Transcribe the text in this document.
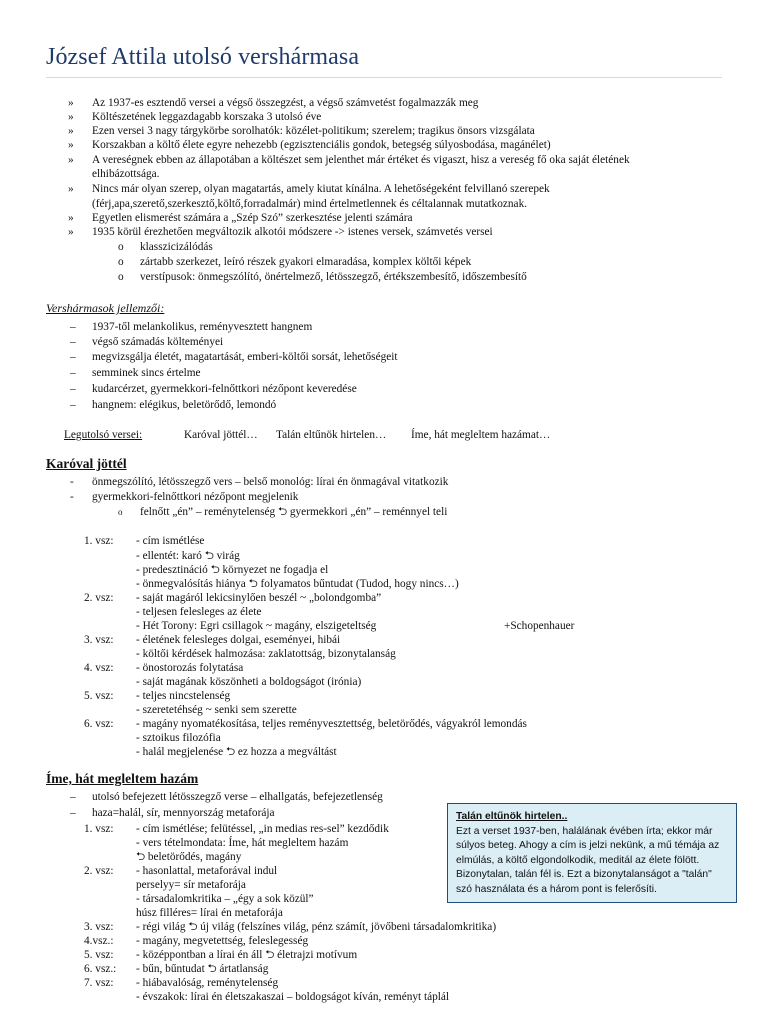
József Attila utolsó vershármasa
» Az 1937-es esztendő versei a végső összegzést, a végső számvetést fogalmazzák meg
» Költészetének leggazdagabb korszaka 3 utolsó éve
» Ezen versei 3 nagy tárgykörbe sorolhatók: közélet-politikum; szerelem; tragikus önsors vizsgálata
» Korszakban a költő élete egyre nehezebb (egzisztenciális gondok, betegség súlyosbodása, magánélet)
» A vereségnek ebben az állapotában a költészet sem jelenthet már értéket és vigaszt, hisz a vereség fő oka saját életének
elhibázottsága.
» Nincs már olyan szerep, olyan magatartás, amely kiutat kínálna. A lehetőségeként felvillanó szerepek
(férj,apa,szerető,szerkesztő,költő,forradalmár) mind értelmetlennek és céltalannak mutatkoznak.
» Egyetlen elismerést számára a „Szép Szó” szerkesztése jelenti számára
» 1935 körül érezhetően megváltozik alkotói módszere -> istenes versek, számvetés versei
o klasszicizálódás
o zártabb szerkezet, leíró részek gyakori elmaradása, komplex költői képek
o verstípusok: önmegszólító, önértelmező, létösszegző, értékszembesítő, időszembesítő
Vershármasok jellemzői:
– 1937-től melankolikus, reményvesztett hangnem
– végső számadás költeményei
– megvizsgálja életét, magatartását, emberi-költői sorsát, lehetőségeit
– semminek sincs értelme
– kudarcérzet, gyermekkori-felnőttkori nézőpont keveredése
– hangnem: elégikus, beletörődő, lemondó
Legutolsó versei:	Karóval jöttél… Talán eltűnök hirtelen… Íme, hát megleltem hazámat…
Karóval jöttél
- önmegszólító, létösszegző vers – belső monológ: lírai én önmagával vitatkozik
- gyermekkori-felnőttkori nézőpont megjelenik
o felnőtt „én” – reménytelenség ⮌ gyermekkori „én” – reménnyel teli
1. vsz: - cím ismétlése
- ellentét: karó ⮌ virág
- predesztináció ⮌ környezet ne fogadja el
- önmegvalósítás hiánya ⮌ folyamatos bűntudat (Tudod, hogy nincs…)
2. vsz: - saját magáról lekicsinylően beszél ~ „bolondgomba”
- teljesen felesleges az élete
- Hét Torony: Egri csillagok ~ magány, elszigeteltség	+Schopenhauer
3. vsz: - életének felesleges dolgai, eseményei, hibái
- költői kérdések halmozása: zaklatottság, bizonytalanság
4. vsz: - önostorozás folytatása
- saját magának köszönheti a boldogságot (irónia)
5. vsz: - teljes nincstelenség
- szeretetéhség ~ senki sem szerette
6. vsz: - magány nyomatékosítása, teljes reményvesztettség, beletörődés, vágyakról lemondás
- sztoikus filozófia
- halál megjelenése ⮌ ez hozza a megváltást
Íme, hát megleltem hazám
– utolsó befejezett létösszegző verse – elhallgatás, befejezetlenség
– haza=halál, sír, mennyország metaforája
1. vsz: - cím ismétlése; felütéssel, „in medias res-sel” kezdődik
- vers tételmondata: Íme, hát megleltem hazám
⮌ beletörődés, magány
2. vsz: - hasonlattal, metaforával indul
perselyy= sír metaforája
- társadalomkritika – „égy a sok közül”
húsz filléres= lírai én metaforája
3. vsz: - régi világ ⮌ új világ (felszínes világ, pénz számít, jövőbeni társadalomkritika)
4.vsz.: - magány, megvetettség, feleslegesség
5. vsz: - középpontban a lírai én áll ⮌ életrajzi motívum
6. vsz.: - bűn, bűntudat ⮌ ártatlanság
7. vsz: - hiábavalóság, reménytelenség
- évszakok: lírai én életszakaszai – boldogságot kíván, reményt táplál
Talán eltűnök hirtelen..
Ezt a verset 1937-ben, halálának évében írta; ekkor már
súlyos beteg. Ahogy a cím is jelzi nekünk, a mű témája az
elmúlás, a költő elgondolkodik, meditál az élete fölött.
Bizonytalan, talán fél is. Ezt a bizonytalanságot a "talán"
szó használata és a három pont is felerősíti.
